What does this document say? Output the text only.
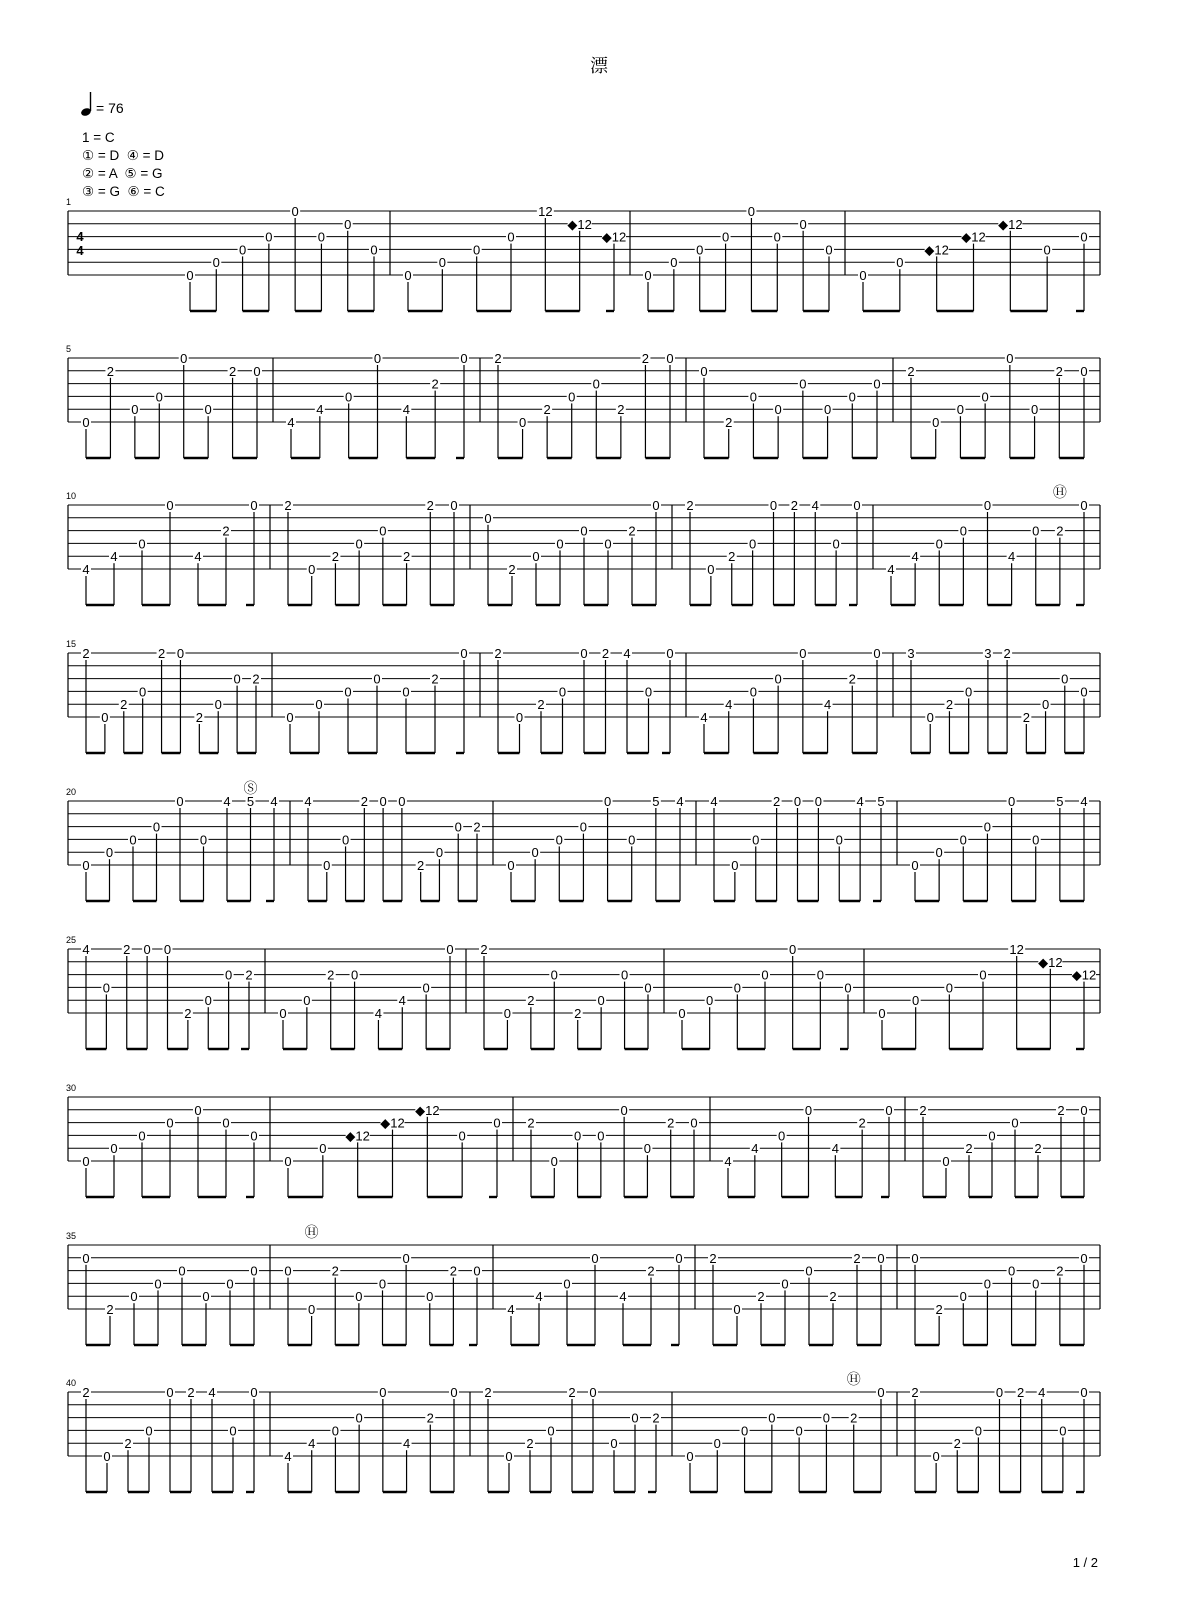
漂
= 76
1 = C
① = D  ④ = D
② = A  ⑤ = G
③ = G  ⑥ = C
1
4
4
0
0
0
0
0
0
0
0
0
0
0
0
12
◆12
◆12
0
0
0
0
0
0
0
0
0
0
◆12
◆12
◆12
0
0
5
0
2
0
0
0
0
2 0
4
4
0
0
4
2
0 2
0
2
0
0
2
2 0
0
2
0
0
0
0
0
0
2
0
0
0
0
0
2 0
10
4
4
0
0
4
2
0 2
0
2
0
0
2
2 0
0
2
0
0
0
0
2
0 2
0
2
0
0 2 4
0
0
4
4
0
0
0
4
0 2
0
Ⓗ
15
2
0
2
0
2 0
2
0
0 2
0
0
0
0
0
2
0 2
0
2
0
0 2 4
0
0
4
4
0
0
0
4
2
0 3
0
2
0
3 2
2
0
0
0
20
0
0
0
0
0
0
4 5 4
Ⓢ
4
0
0
2 0 0
2
0
0 2
0
0
0
0
0
0
5 4 4
0
0
2 0 0
0
4 5
0
0
0
0
0
0
5 4
25
4
0
2 0 0
2
0
0 2
0
0
2 0
4
4
0
0 2
0
2
0
2
0
0
0
0
0
0
0
0
0
0
0
0
0
0
12
◆12
◆12
30
0
0
0
0
0
0
0
0
0
◆12
◆12
◆12
0
0 2
0
0 0
0
0
2 0
4
4
0
0
4
2
0 2
0
2
0
0
2
2 0
35
0
2
0
0
0
0
0
0 0
0
2
0
0
0
0
2 0
Ⓗ
4
4
0
0
4
2
0 2
0
2
0
0
2
2 0 0
2
0
0
0
0
2
0
40
2
0
2
0
0 2 4
0
0
4
4
0
0
0
4
2
0 2
0
2
0
2 0
0
0 2
0
0
0
0
0
0 2
0
Ⓗ
2
0
2
0
0 2 4
0
0
1 / 2
